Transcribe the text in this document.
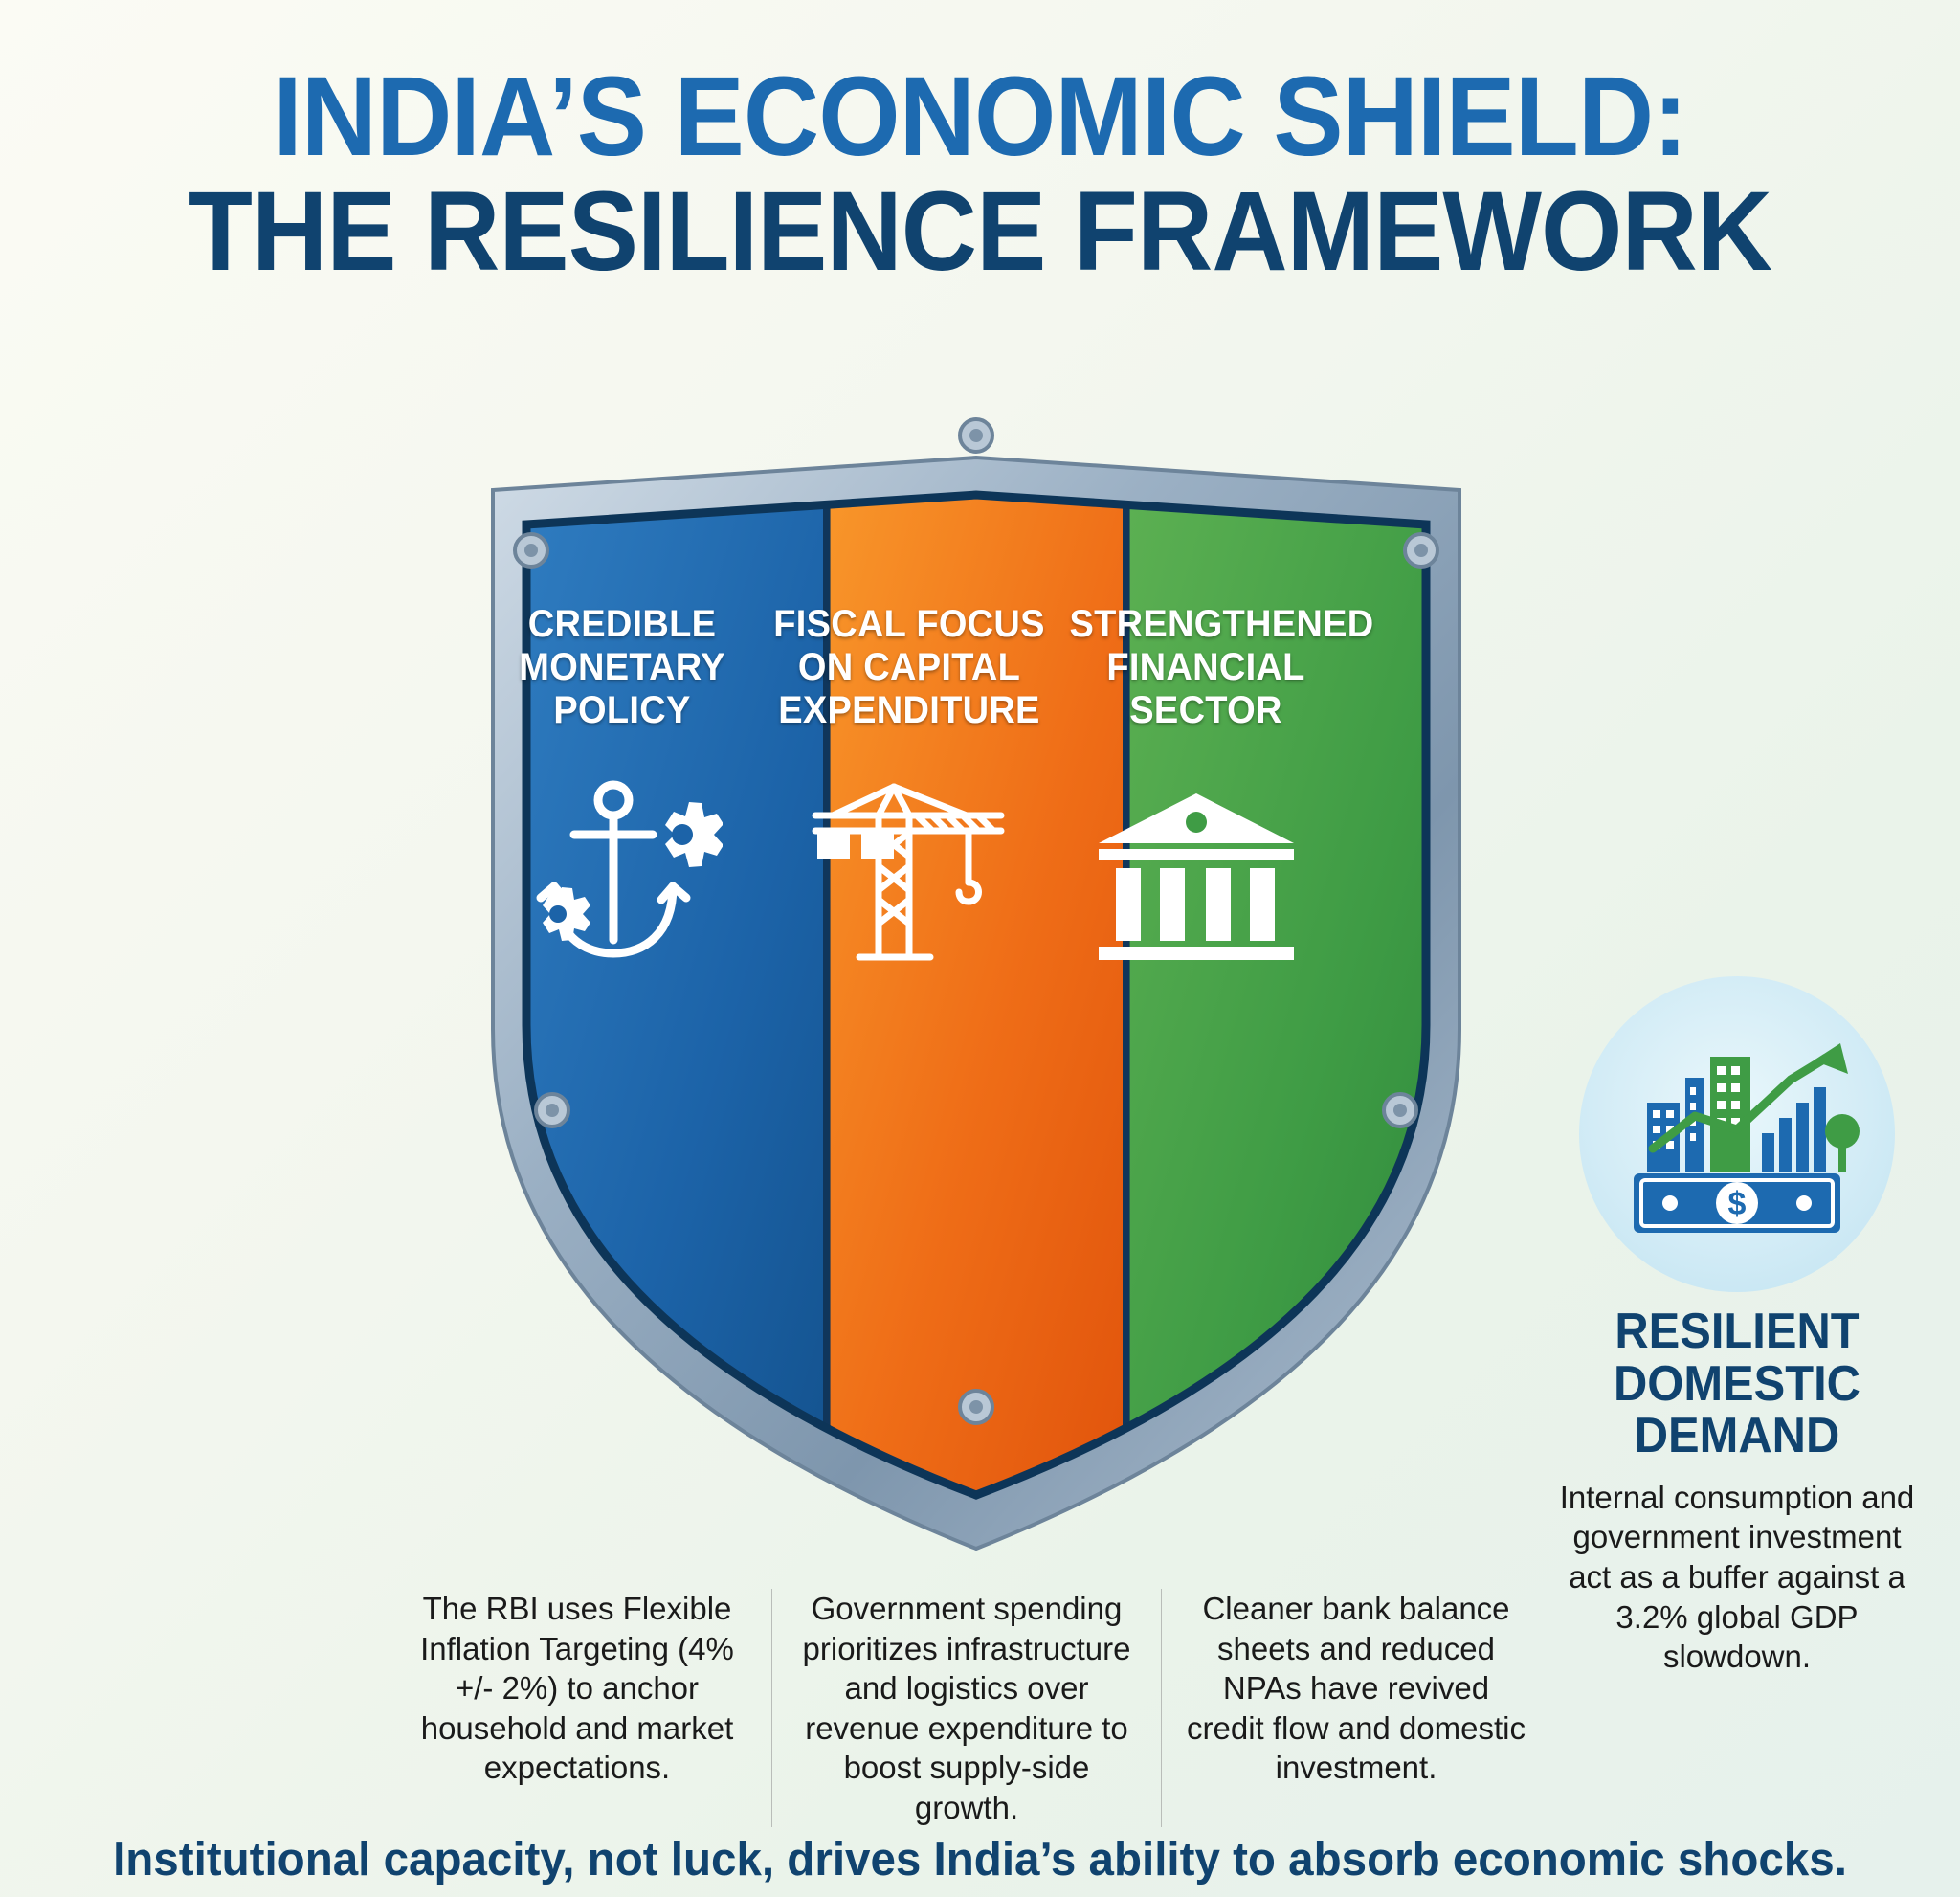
INDIA’S ECONOMIC SHIELD:
THE RESILIENCE FRAMEWORK
CREDIBLE
MONETARY
POLICY
FISCAL FOCUS
ON CAPITAL
EXPENDITURE
STRENGTHENED
FINANCIAL
SECTOR
$
RESILIENT
DOMESTIC
DEMAND
Internal consumption and government investment act as a buffer against a 3.2% global GDP slowdown.
The RBI uses Flexible Inflation Targeting (4% +/- 2%) to anchor household and market expectations.
Government spending prioritizes infrastructure and logistics over revenue expenditure to boost supply-side growth.
Cleaner bank balance sheets and reduced NPAs have revived credit flow and domestic investment.
Institutional capacity, not luck, drives India’s ability to absorb economic shocks.
